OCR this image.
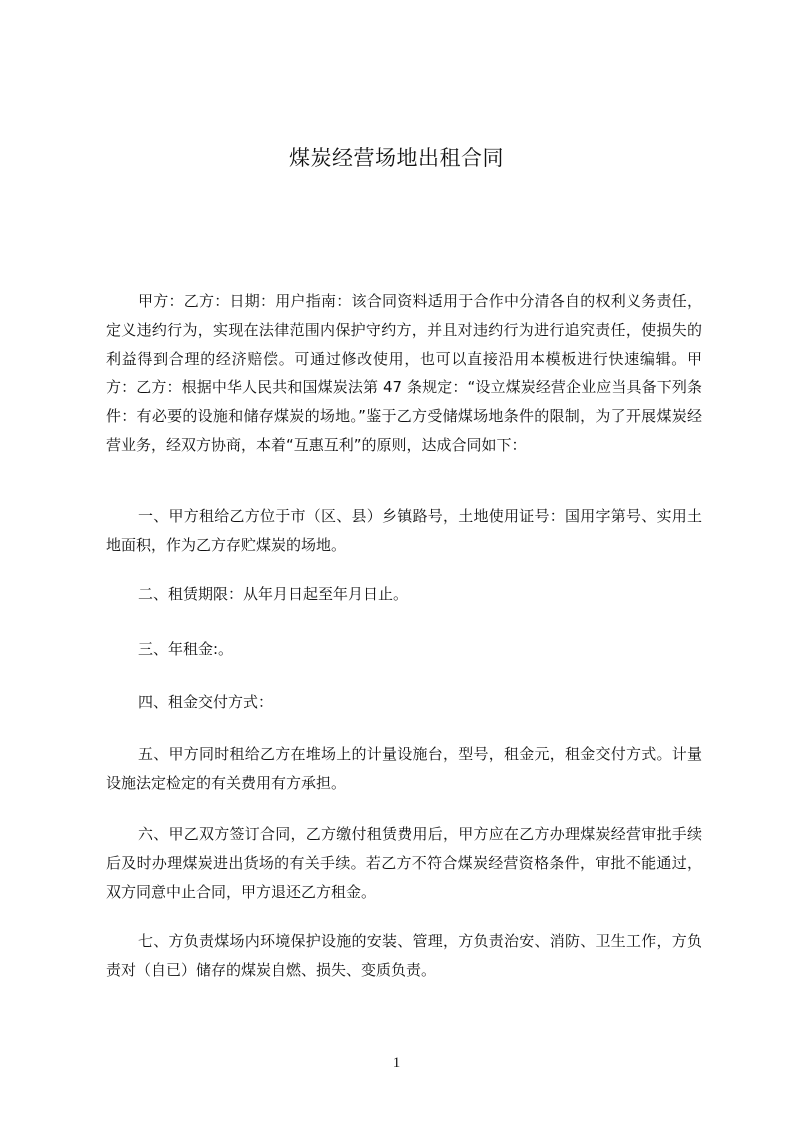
煤炭经营场地出租合同

甲方：乙方：日期：用户指南：该合同资料适用于合作中分清各自的权利义务责任，定义违约行为，实现在法律范围内保护守约方，并且对违约行为进行追究责任，使损失的利益得到合理的经济赔偿。可通过修改使用，也可以直接沿用本模板进行快速编辑。甲方：乙方：根据中华人民共和国煤炭法第 47 条规定：“设立煤炭经营企业应当具备下列条件：有必要的设施和储存煤炭的场地。”鉴于乙方受储煤场地条件的限制，为了开展煤炭经营业务，经双方协商，本着“互惠互利”的原则，达成合同如下：

一、甲方租给乙方位于市（区、县）乡镇路号，土地使用证号：国用字第号、实用土地面积，作为乙方存贮煤炭的场地。

二、租赁期限：从年月日起至年月日止。

三、年租金:。

四、租金交付方式：

五、甲方同时租给乙方在堆场上的计量设施台，型号，租金元，租金交付方式。计量设施法定检定的有关费用有方承担。

六、甲乙双方签订合同，乙方缴付租赁费用后，甲方应在乙方办理煤炭经营审批手续后及时办理煤炭进出货场的有关手续。若乙方不符合煤炭经营资格条件，审批不能通过，双方同意中止合同，甲方退还乙方租金。

七、方负责煤场内环境保护设施的安装、管理，方负责治安、消防、卫生工作，方负责对（自已）储存的煤炭自燃、损失、变质负责。

1
